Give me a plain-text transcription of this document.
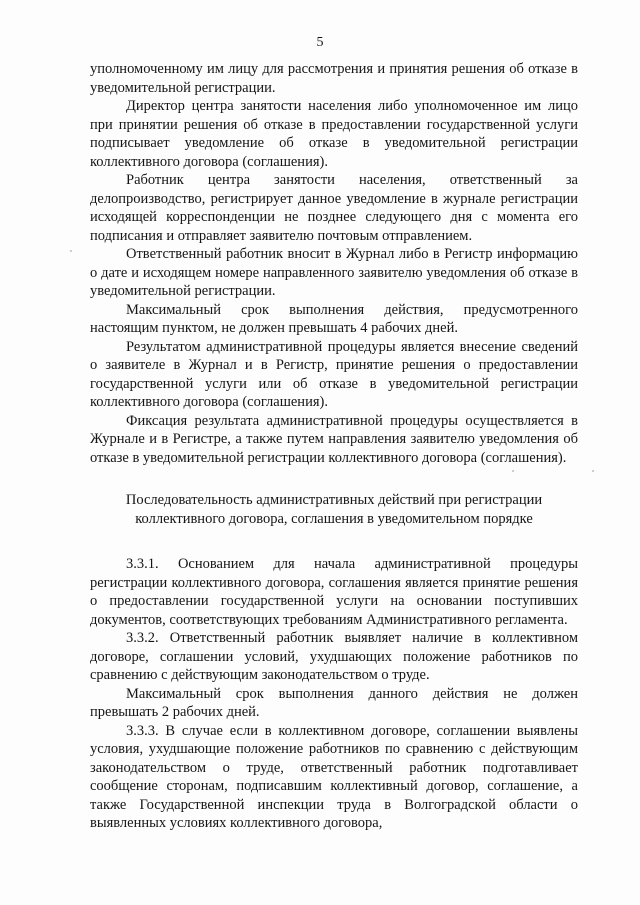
5

уполномоченному им лицу для рассмотрения и принятия решения об отказе в уведомительной регистрации.

Директор центра занятости населения либо уполномоченное им лицо при принятии решения об отказе в предоставлении государственной услуги подписывает уведомление об отказе в уведомительной регистрации коллективного договора (соглашения).

Работник центра занятости населения, ответственный за делопроизводство, регистрирует данное уведомление в журнале регистрации исходящей корреспонденции не позднее следующего дня с момента его подписания и отправляет заявителю почтовым отправлением.

Ответственный работник вносит в Журнал либо в Регистр информацию о дате и исходящем номере направленного заявителю уведомления об отказе в уведомительной регистрации.

Максимальный срок выполнения действия, предусмотренного настоящим пунктом, не должен превышать 4 рабочих дней.

Результатом административной процедуры является внесение сведений о заявителе в Журнал и в Регистр, принятие решения о предоставлении государственной услуги или об отказе в уведомительной регистрации коллективного договора (соглашения).

Фиксация результата административной процедуры осуществляется в Журнале и в Регистре, а также путем направления заявителю уведомления об отказе в уведомительной регистрации коллективного договора (соглашения).

Последовательность административных действий при регистрации
коллективного договора, соглашения в уведомительном порядке

3.3.1. Основанием для начала административной процедуры регистрации коллективного договора, соглашения является принятие решения о предоставлении государственной услуги на основании поступивших документов, соответствующих требованиям Административного регламента.

3.3.2. Ответственный работник выявляет наличие в коллективном договоре, соглашении условий, ухудшающих положение работников по сравнению с действующим законодательством о труде.

Максимальный срок выполнения данного действия не должен превышать 2 рабочих дней.

3.3.3. В случае если в коллективном договоре, соглашении выявлены условия, ухудшающие положение работников по сравнению с действующим законодательством о труде, ответственный работник подготавливает сообщение сторонам, подписавшим коллективный договор, соглашение, а также Государственной инспекции труда в Волгоградской области о выявленных условиях коллективного договора,
